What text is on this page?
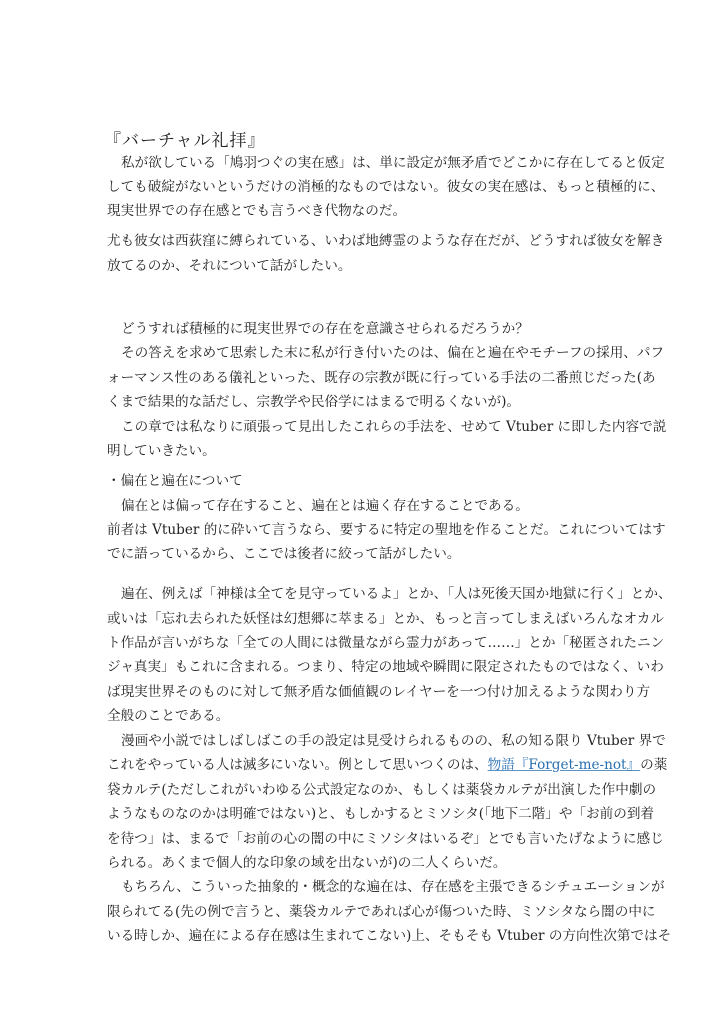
『バーチャル礼拝』
私が欲している「鳩羽つぐの実在感」は、単に設定が無矛盾でどこかに存在してると仮定
しても破綻がないというだけの消極的なものではない。彼女の実在感は、もっと積極的に、
現実世界での存在感とでも言うべき代物なのだ。
尤も彼女は西荻窪に縛られている、いわば地縛霊のような存在だが、どうすれば彼女を解き
放てるのか、それについて話がしたい。
どうすれば積極的に現実世界での存在を意識させられるだろうか？
その答えを求めて思索した末に私が行き付いたのは、偏在と遍在やモチーフの採用、パフ
ォーマンス性のある儀礼といった、既存の宗教が既に行っている手法の二番煎じだった(あ
くまで結果的な話だし、宗教学や民俗学にはまるで明るくないが)。
この章では私なりに頑張って見出したこれらの手法を、せめて Vtuber に即した内容で説
明していきたい。
・偏在と遍在について
偏在とは偏って存在すること、遍在とは遍く存在することである。
前者は Vtuber 的に砕いて言うなら、要するに特定の聖地を作ることだ。これについてはす
でに語っているから、ここでは後者に絞って話がしたい。
遍在、例えば「神様は全てを見守っているよ」とか、「人は死後天国か地獄に行く」とか、
或いは「忘れ去られた妖怪は幻想郷に萃まる」とか、もっと言ってしまえばいろんなオカル
ト作品が言いがちな「全ての人間には微量ながら霊力があって……」とか「秘匿されたニン
ジャ真実」もこれに含まれる。つまり、特定の地域や瞬間に限定されたものではなく、いわ
ば現実世界そのものに対して無矛盾な価値観のレイヤーを一つ付け加えるような関わり方
全般のことである。
漫画や小説ではしばしばこの手の設定は見受けられるものの、私の知る限り Vtuber 界で
これをやっている人は滅多にいない。例として思いつくのは、 物語『Forget-me-not』 の薬
袋カルテ(ただしこれがいわゆる公式設定なのか、もしくは薬袋カルテが出演した作中劇の
ようなものなのかは明確ではない)と、もしかするとミソシタ(「地下二階」や「お前の到着
を待つ」は、まるで「お前の心の闇の中にミソシタはいるぞ」とでも言いたげなように感じ
られる。あくまで個人的な印象の域を出ないが)の二人くらいだ。
もちろん、こういった抽象的・概念的な遍在は、存在感を主張できるシチュエーションが
限られてる(先の例で言うと、薬袋カルテであれば心が傷ついた時、ミソシタなら闇の中に
いる時しか、遍在による存在感は生まれてこない)上、そもそも Vtuber の方向性次第ではそ
